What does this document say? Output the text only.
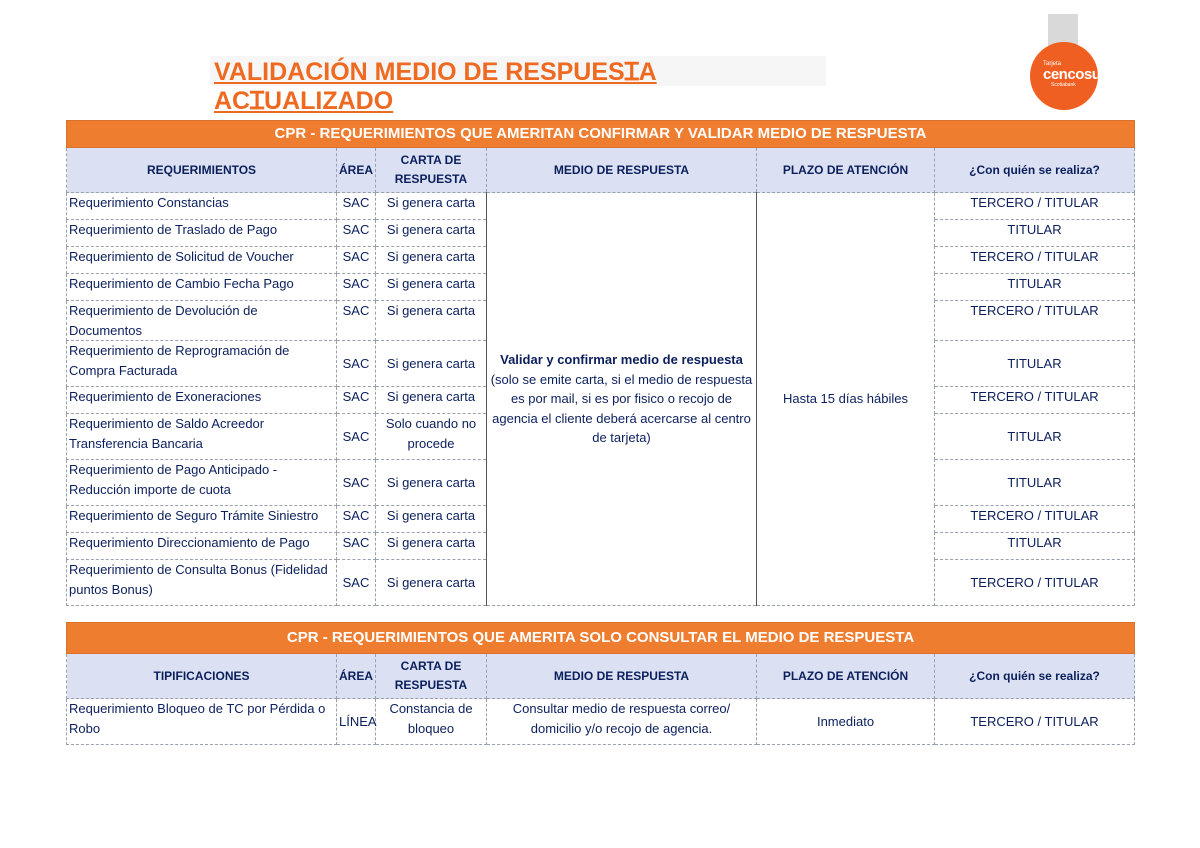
VALIDACIÓN MEDIO DE RESPUESꞮA

ACꞮUALIZADO

Tarjeta
cencosud
Scotiabank
CPR - REQUERIMIENTOS QUE AMERITAN CONFIRMAR Y VALIDAR MEDIO DE RESPUESTA					
REQUERIMIENTOS	ÁREA	CARTA DE RESPUESTA	MEDIO DE RESPUESTA	PLAZO DE ATENCIÓN	¿Con quién se realiza?
Requerimiento Constancias	SAC	Si genera carta	Validar y confirmar medio de respuesta (solo se emite carta, si el medio de respuesta es por mail, si es por fisico o recojo de agencia el cliente deberá acercarse al centro de tarjeta)	Hasta 15 días hábiles	TERCERO / TITULAR
Requerimiento de Traslado de Pago	SAC	Si genera carta			TITULAR
Requerimiento de Solicitud de Voucher	SAC	Si genera carta			TERCERO / TITULAR
Requerimiento de Cambio Fecha Pago	SAC	Si genera carta			TITULAR
Requerimiento de Devolución de Documentos	SAC	Si genera carta			TERCERO / TITULAR
Requerimiento de Reprogramación de Compra Facturada	SAC	Si genera carta			TITULAR
Requerimiento de Exoneraciones	SAC	Si genera carta			TERCERO / TITULAR
Requerimiento de Saldo Acreedor Transferencia Bancaria	SAC	Solo cuando no procede			TITULAR
Requerimiento de Pago Anticipado - Reducción importe de cuota	SAC	Si genera carta			TITULAR
Requerimiento de Seguro Trámite Siniestro	SAC	Si genera carta			TERCERO / TITULAR
Requerimiento Direccionamiento de Pago	SAC	Si genera carta			TITULAR
Requerimiento de Consulta Bonus (Fidelidad puntos Bonus)	SAC	Si genera carta			TERCERO / TITULAR
CPR - REQUERIMIENTOS QUE AMERITA SOLO CONSULTAR EL MEDIO DE RESPUESTA					
TIPIFICACIONES	ÁREA	CARTA DE RESPUESTA	MEDIO DE RESPUESTA	PLAZO DE ATENCIÓN	¿Con quién se realiza?
Requerimiento Bloqueo de TC por Pérdida o Robo	LÍNEA	Constancia de bloqueo	Consultar medio de respuesta correo/ domicilio y/o recojo de agencia.	Inmediato	TERCERO / TITULAR
